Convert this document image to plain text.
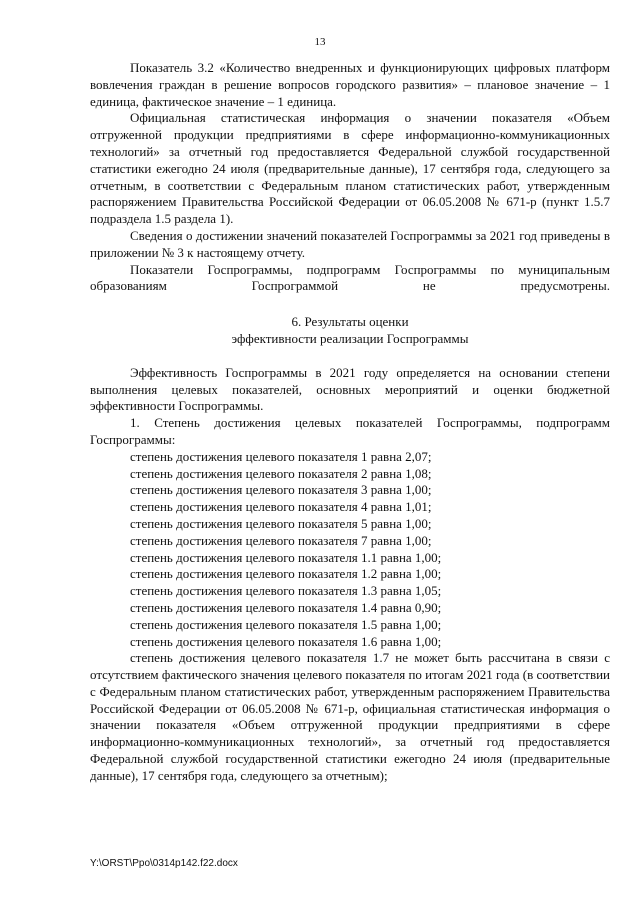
13

Показатель 3.2 «Количество внедренных и функционирующих цифровых платформ вовлечения граждан в решение вопросов городского развития» – плановое значение – 1 единица, фактическое значение – 1 единица.

Официальная статистическая информация о значении показателя «Объем отгруженной продукции предприятиями в сфере информационно-коммуникационных технологий» за отчетный год предоставляется Федеральной службой государственной статистики ежегодно 24 июля (предварительные данные), 17 сентября года, следующего за отчетным, в соответствии с Федеральным планом статистических работ, утвержденным распоряжением Правительства Российской Федерации от 06.05.2008 № 671-р (пункт 1.5.7 подраздела 1.5 раздела 1).

Сведения о достижении значений показателей Госпрограммы за 2021 год приведены в приложении № 3 к настоящему отчету.

Показатели Госпрограммы, подпрограмм Госпрограммы по муниципальным образованиям Госпрограммой не предусмотрены.

6. Результаты оценки

эффективности реализации Госпрограммы

Эффективность Госпрограммы в 2021 году определяется на основании степени выполнения целевых показателей, основных мероприятий и оценки бюджетной эффективности Госпрограммы.

1. Степень достижения целевых показателей Госпрограммы, подпрограмм Госпрограммы:

степень достижения целевого показателя 1 равна 2,07;
степень достижения целевого показателя 2 равна 1,08;
степень достижения целевого показателя 3 равна 1,00;
степень достижения целевого показателя 4 равна 1,01;
степень достижения целевого показателя 5 равна 1,00;
степень достижения целевого показателя 7 равна 1,00;
степень достижения целевого показателя 1.1 равна 1,00;
степень достижения целевого показателя 1.2 равна 1,00;
степень достижения целевого показателя 1.3 равна 1,05;
степень достижения целевого показателя 1.4 равна 0,90;
степень достижения целевого показателя 1.5 равна 1,00;
степень достижения целевого показателя 1.6 равна 1,00;

степень достижения целевого показателя 1.7 не может быть рассчитана в связи с отсутствием фактического значения целевого показателя по итогам 2021 года (в соответствии с Федеральным планом статистических работ, утвержденным распоряжением Правительства Российской Федерации от 06.05.2008 № 671-р, официальная статистическая информация о значении показателя «Объем отгруженной продукции предприятиями в сфере информационно-коммуникационных технологий», за отчетный год предоставляется Федеральной службой государственной статистики ежегодно 24 июля (предварительные данные), 17 сентября года, следующего за отчетным);

Y:\ORST\Ppo\0314p142.f22.docx
